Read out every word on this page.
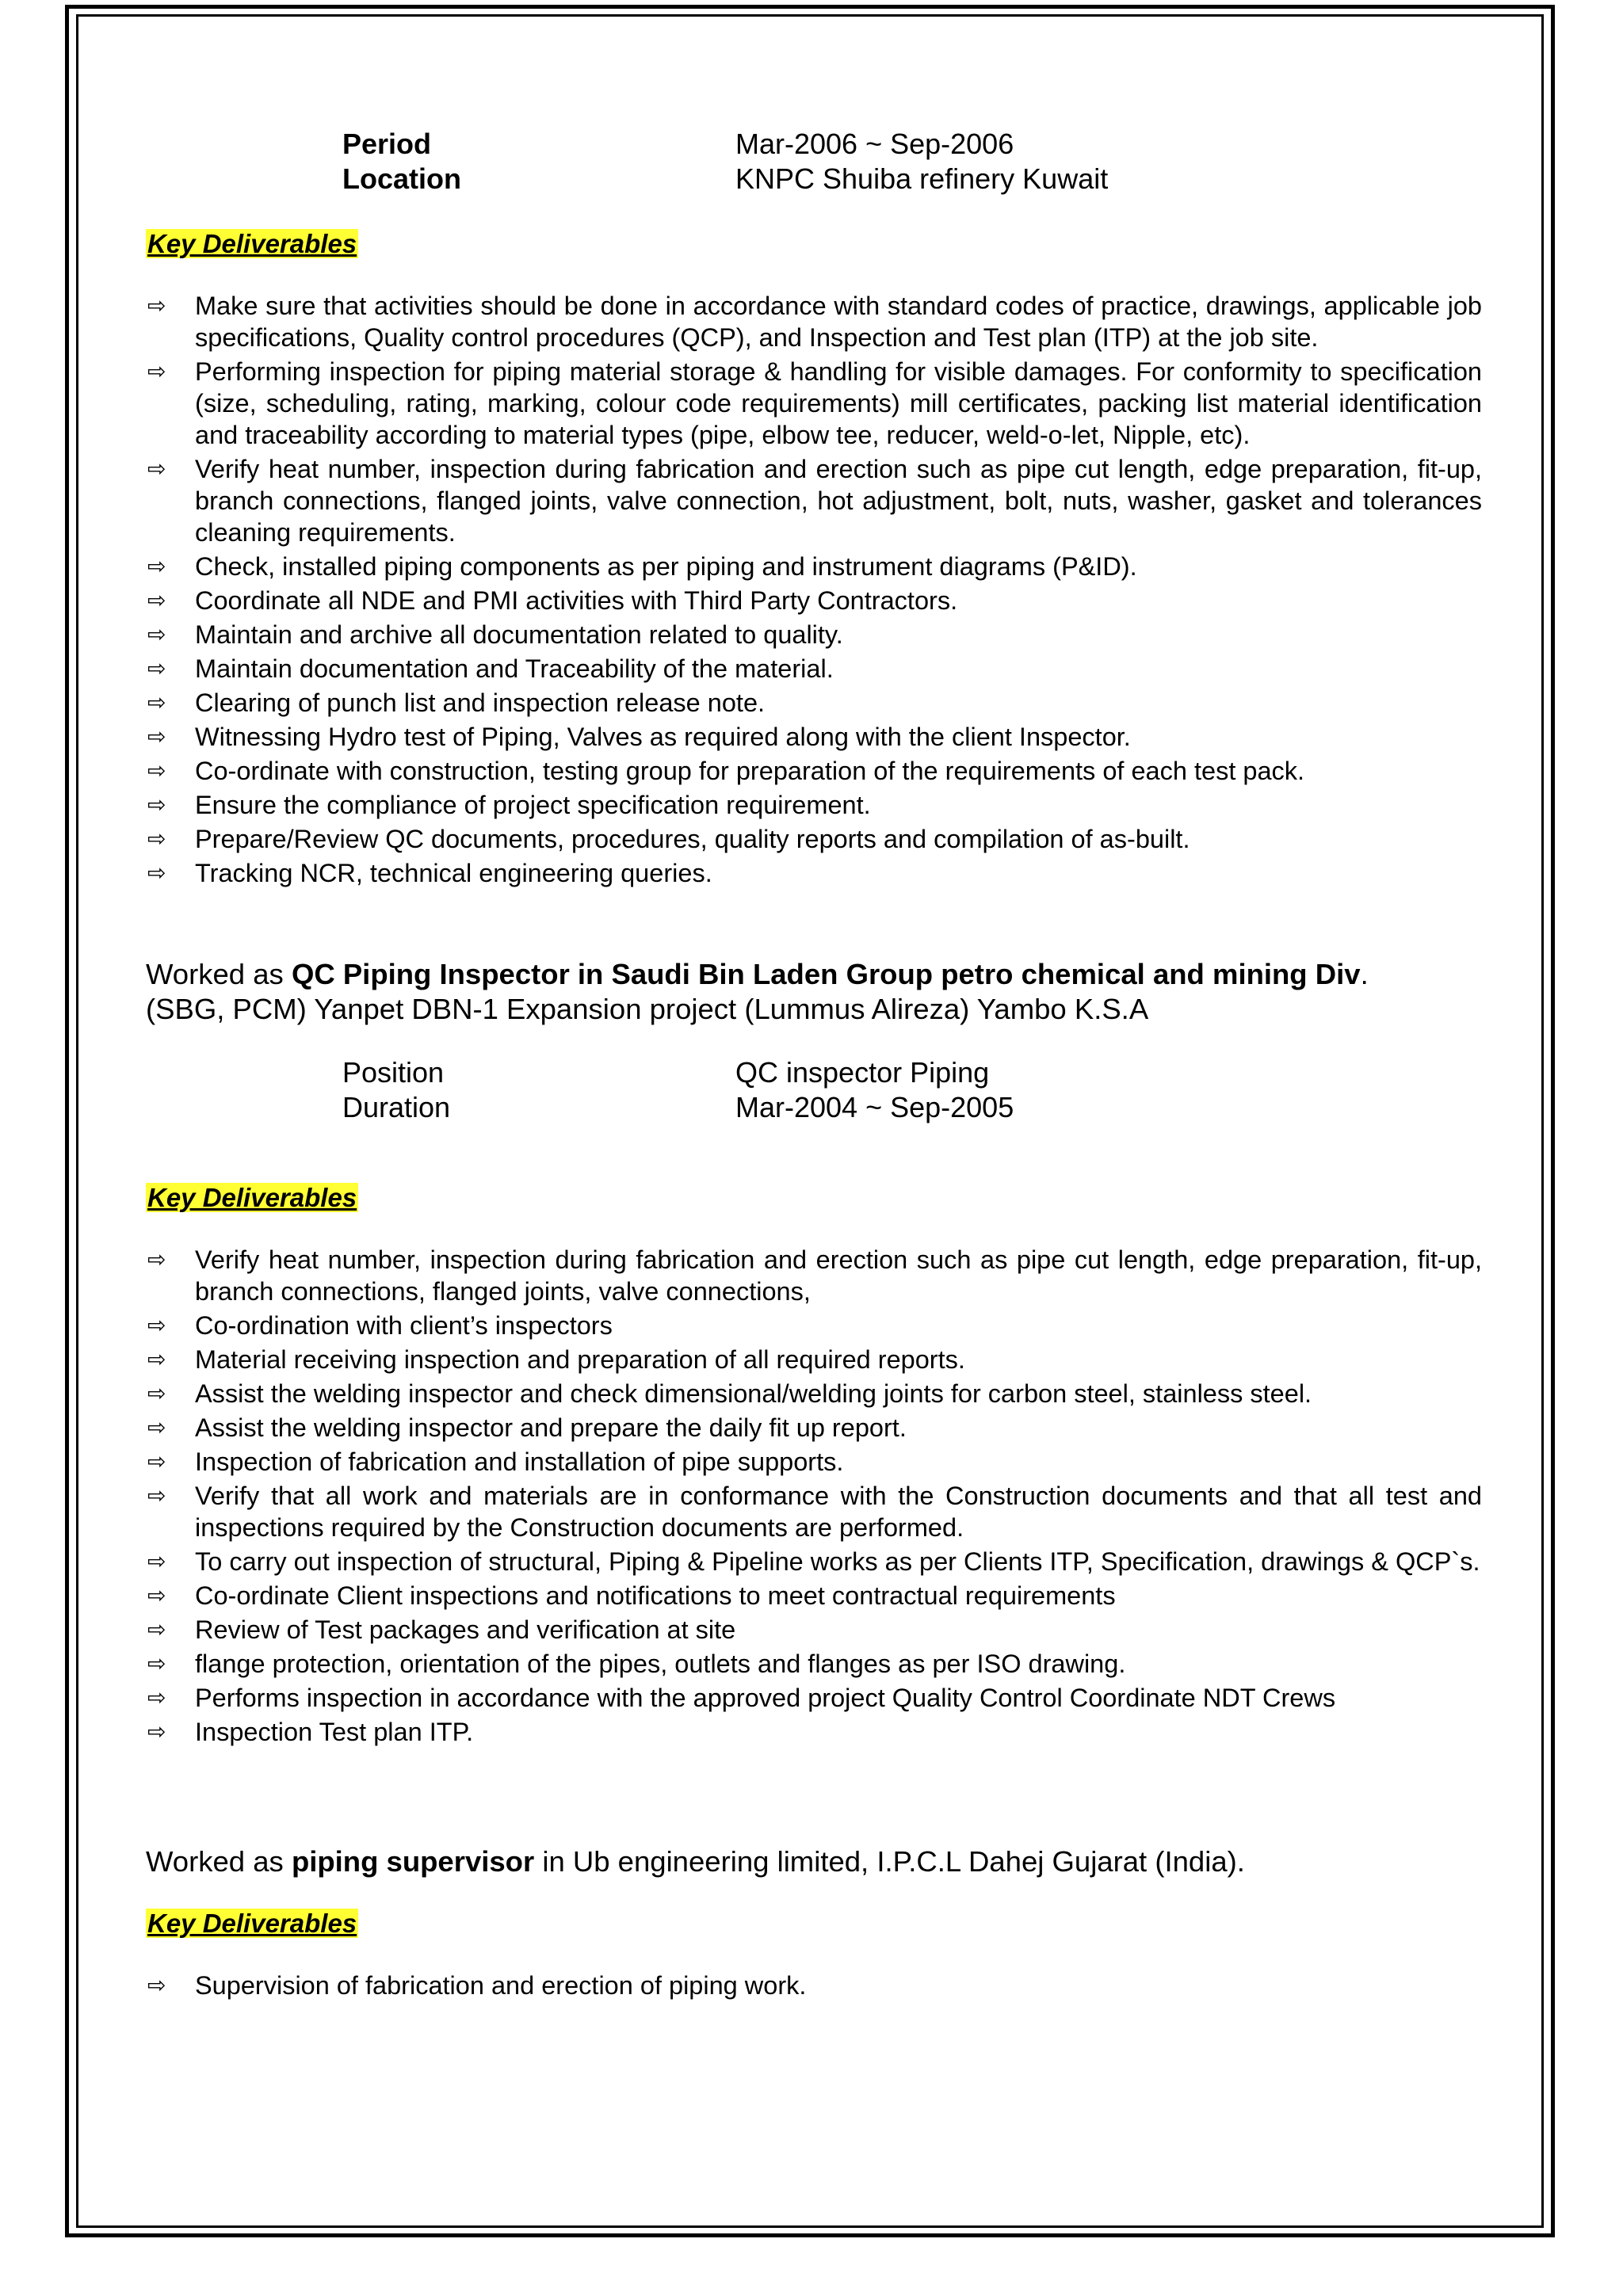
Period	Mar-2006 ~ Sep-2006
Location	KNPC Shuiba refinery Kuwait
Key Deliverables
⇨ Make sure that activities should be done in accordance with standard codes of practice, drawings, applicable job specifications, Quality control procedures (QCP), and Inspection and Test plan (ITP) at the job site.
⇨ Performing inspection for piping material storage & handling for visible damages. For conformity to specification (size, scheduling, rating, marking, colour code requirements) mill certificates, packing list material identification and traceability according to material types (pipe, elbow tee, reducer, weld-o-let, Nipple, etc).
⇨ Verify heat number, inspection during fabrication and erection such as pipe cut length, edge preparation, fit-up, branch connections, flanged joints, valve connection, hot adjustment, bolt, nuts, washer, gasket and tolerances cleaning requirements.
⇨ Check, installed piping components as per piping and instrument diagrams (P&ID).
⇨ Coordinate all NDE and PMI activities with Third Party Contractors.
⇨ Maintain and archive all documentation related to quality.
⇨ Maintain documentation and Traceability of the material.
⇨ Clearing of punch list and inspection release note.
⇨ Witnessing Hydro test of Piping, Valves as required along with the client Inspector.
⇨ Co-ordinate with construction, testing group for preparation of the requirements of each test pack.
⇨ Ensure the compliance of project specification requirement.
⇨ Prepare/Review QC documents, procedures, quality reports and compilation of as-built.
⇨ Tracking NCR, technical engineering queries.
Worked as QC Piping Inspector in Saudi Bin Laden Group petro chemical and mining Div.
(SBG, PCM) Yanpet DBN-1 Expansion project (Lummus Alireza) Yambo K.S.A
Position	QC inspector Piping
Duration	Mar-2004 ~ Sep-2005
Key Deliverables
⇨ Verify heat number, inspection during fabrication and erection such as pipe cut length, edge preparation, fit-up, branch connections, flanged joints, valve connections,
⇨ Co-ordination with client’s inspectors
⇨ Material receiving inspection and preparation of all required reports.
⇨ Assist the welding inspector and check dimensional/welding joints for carbon steel, stainless steel.
⇨ Assist the welding inspector and prepare the daily fit up report.
⇨ Inspection of fabrication and installation of pipe supports.
⇨ Verify that all work and materials are in conformance with the Construction documents and that all test and inspections required by the Construction documents are performed.
⇨ To carry out inspection of structural, Piping & Pipeline works as per Clients ITP, Specification, drawings & QCP`s.
⇨ Co-ordinate Client inspections and notifications to meet contractual requirements
⇨ Review of Test packages and verification at site
⇨ flange protection, orientation of the pipes, outlets and flanges as per ISO drawing.
⇨ Performs inspection in accordance with the approved project Quality Control Coordinate NDT Crews
⇨ Inspection Test plan ITP.
Worked as piping supervisor in Ub engineering limited, I.P.C.L Dahej Gujarat (India).
Key Deliverables
⇨ Supervision of fabrication and erection of piping work.
